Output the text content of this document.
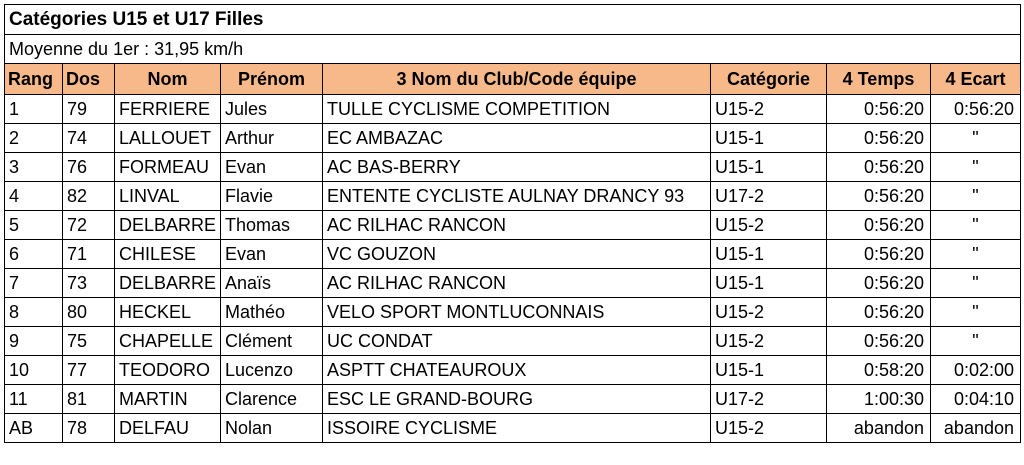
Catégories U15 et U17 Filles							
Moyenne du 1er : 31,95 km/h							
Rang	Dos	Nom	Prénom	3 Nom du Club/Code équipe	Catégorie	4 Temps	4 Ecart
1	79	FERRIERE	Jules	TULLE CYCLISME COMPETITION	U15-2	0:56:20	0:56:20
2	74	LALLOUET	Arthur	EC AMBAZAC	U15-1	0:56:20	"
3	76	FORMEAU	Evan	AC BAS-BERRY	U15-1	0:56:20	"
4	82	LINVAL	Flavie	ENTENTE CYCLISTE AULNAY DRANCY 93	U17-2	0:56:20	"
5	72	DELBARRE	Thomas	AC RILHAC RANCON	U15-2	0:56:20	"
6	71	CHILESE	Evan	VC GOUZON	U15-1	0:56:20	"
7	73	DELBARRE	Anaïs	AC RILHAC RANCON	U15-1	0:56:20	"
8	80	HECKEL	Mathéo	VELO SPORT MONTLUCONNAIS	U15-2	0:56:20	"
9	75	CHAPELLE	Clément	UC CONDAT	U15-2	0:56:20	"
10	77	TEODORO	Lucenzo	ASPTT CHATEAUROUX	U15-1	0:58:20	0:02:00
11	81	MARTIN	Clarence	ESC LE GRAND-BOURG	U17-2	1:00:30	0:04:10
AB	78	DELFAU	Nolan	ISSOIRE CYCLISME	U15-2	abandon	abandon
